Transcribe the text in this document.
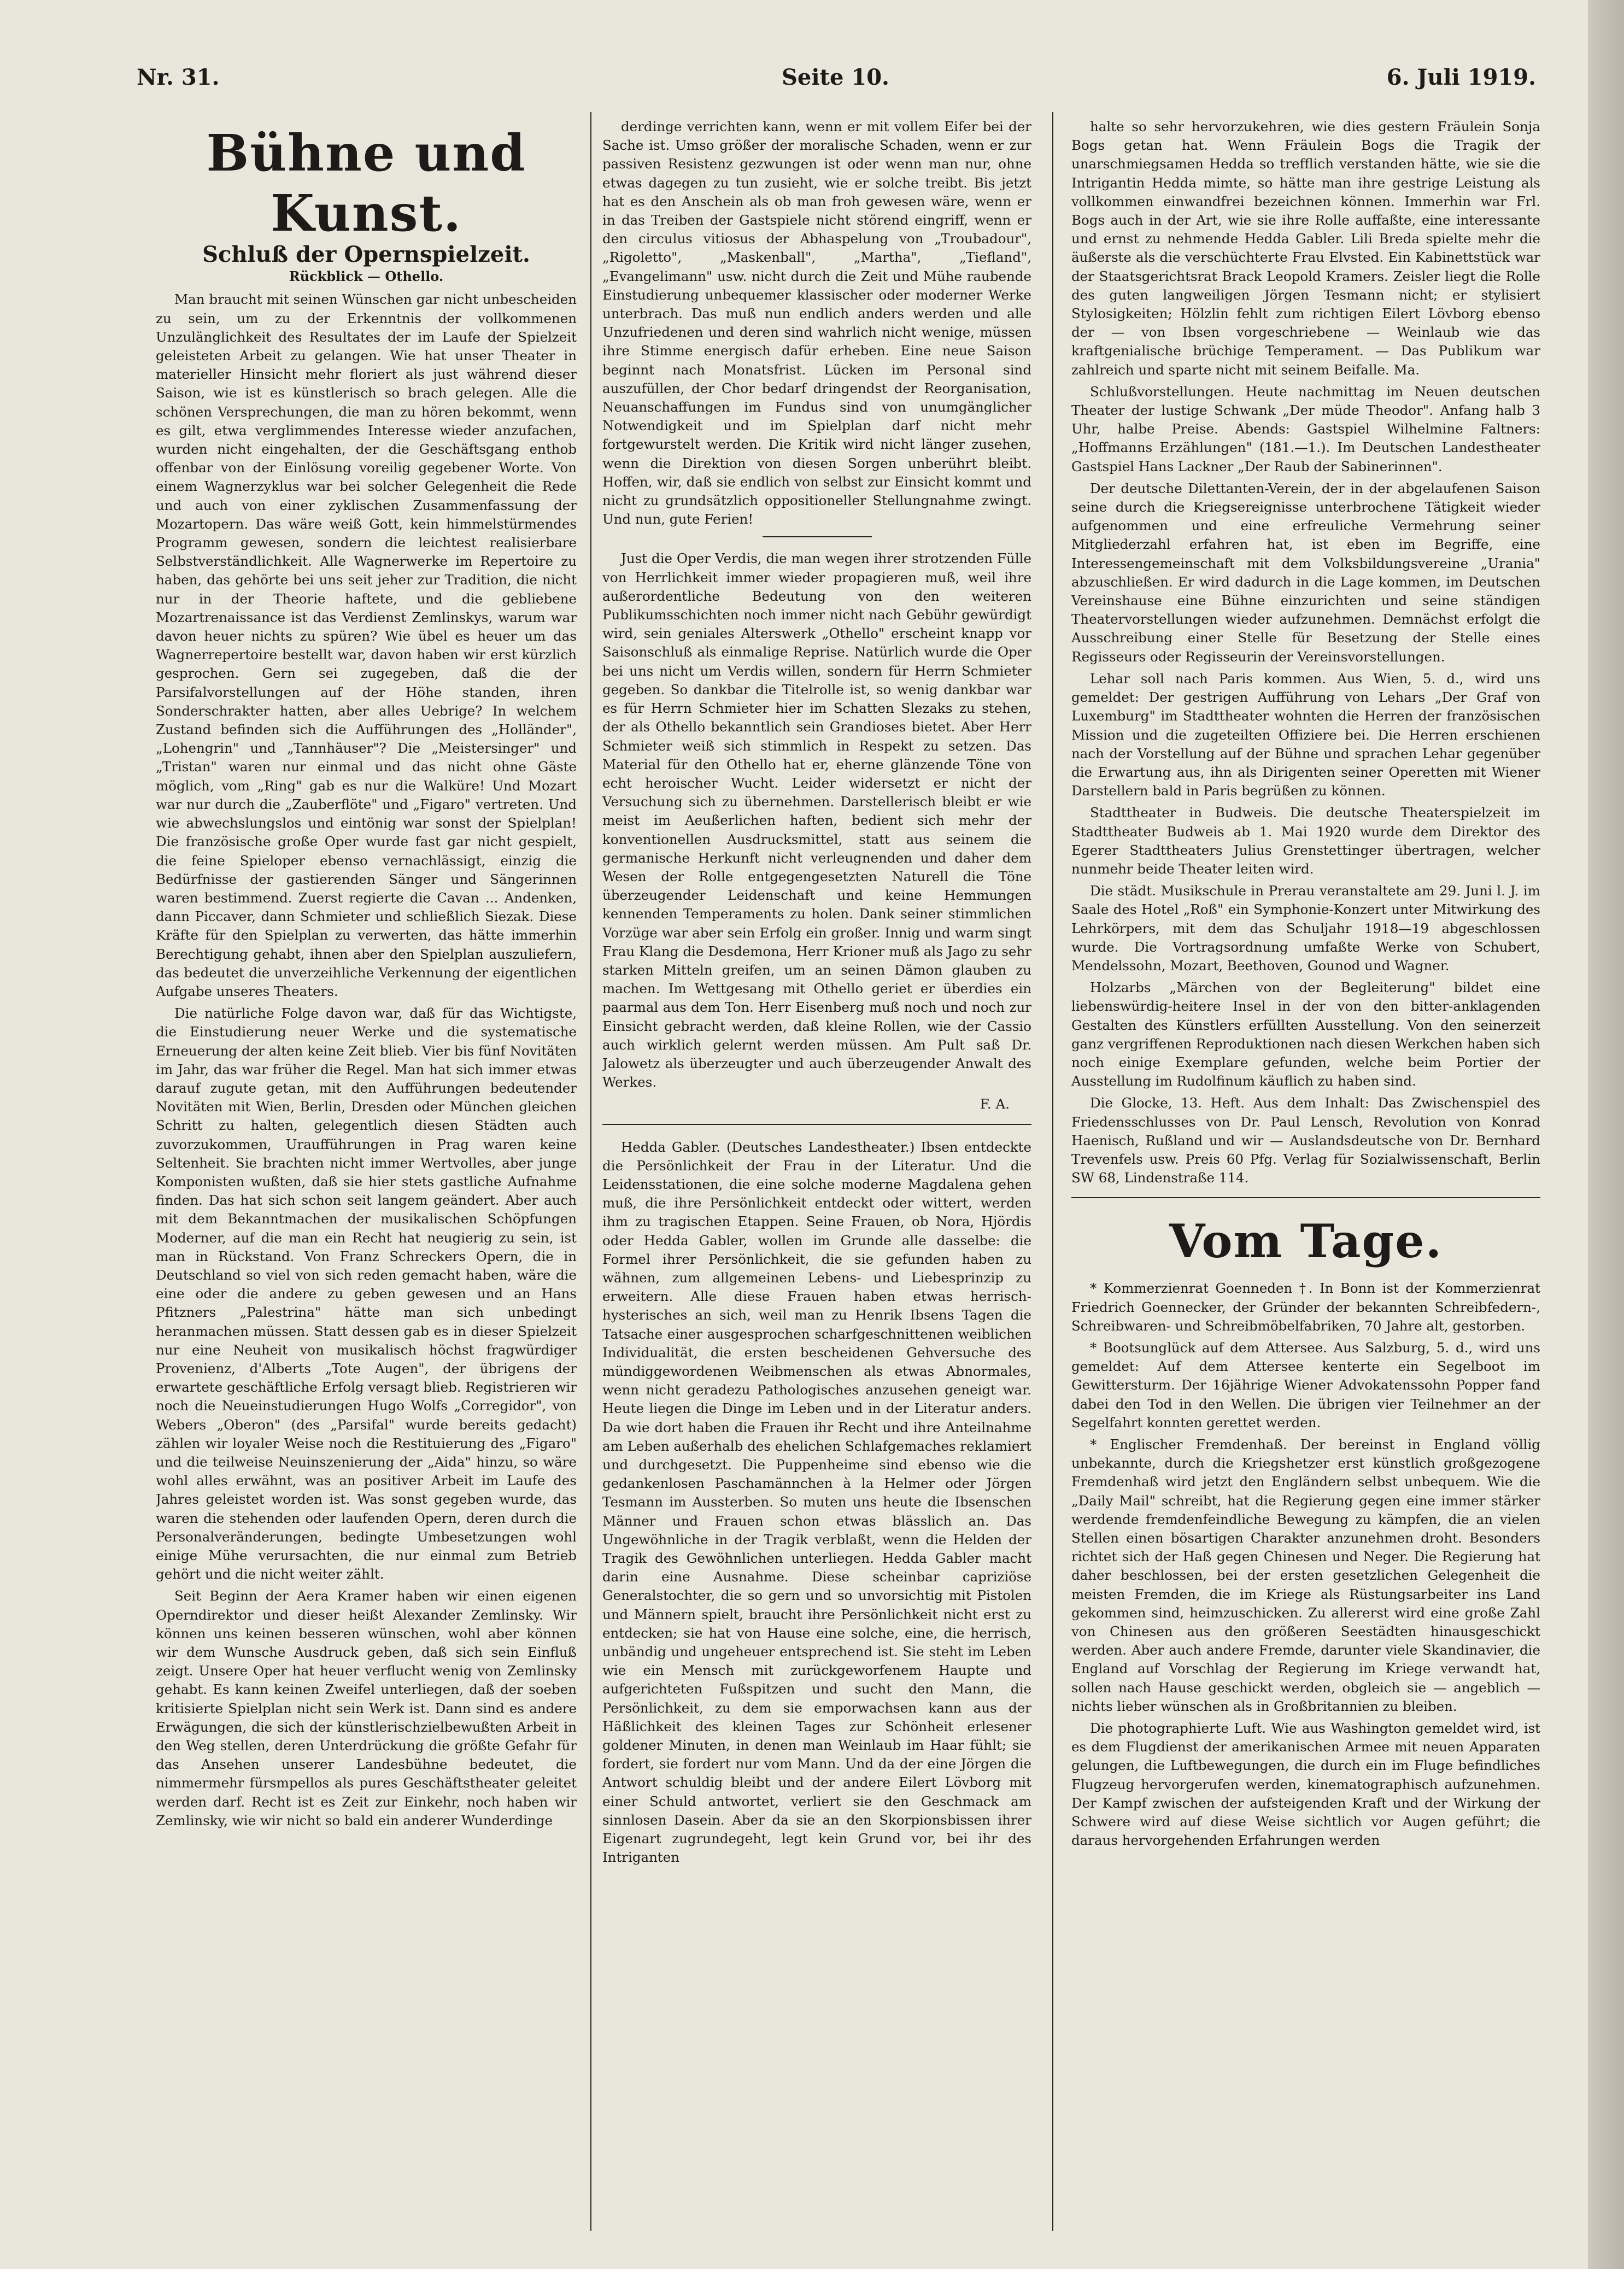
Nr. 31.	Seite 10.	6. Juli 1919.
Bühne und Kunst.
Schluß der Opernspielzeit.
Rückblick — Othello.

Man braucht mit seinen Wünschen gar nicht unbescheiden zu sein, um zu der Erkenntnis der vollkommenen Unzulänglichkeit des Resultates der im Laufe der Spielzeit geleisteten Arbeit zu gelangen. Wie hat unser Theater in materieller Hinsicht mehr floriert als just während dieser Saison, wie ist es künstlerisch so brach gelegen. Alle die schönen Versprechungen, die man zu hören bekommt, wenn es gilt, etwa verglimmendes Interesse wieder anzufachen, wurden nicht eingehalten, der die Geschäftsgang enthob offenbar von der Einlösung voreilig gegebener Worte. Von einem Wagnerzyklus war bei solcher Gelegenheit die Rede und auch von einer zyklischen Zusammenfassung der Mozartopern. Das wäre weiß Gott, kein himmelstürmendes Programm gewesen, sondern die leichtest realisierbare Selbstverständlichkeit. Alle Wagnerwerke im Repertoire zu haben, das gehörte bei uns seit jeher zur Tradition, die nicht nur in der Theorie haftete, und die gebliebene Mozartrenaissance ist das Verdienst Zemlinskys, warum war davon heuer nichts zu spüren? Wie übel es heuer um das Wagnerrepertoire bestellt war, davon haben wir erst kürzlich gesprochen. Gern sei zugegeben, daß die der Parsifalvorstellungen auf der Höhe standen, ihren Sonderschrakter hatten, aber alles Uebrige? In welchem Zustand befinden sich die Aufführungen des „Holländer", „Lohengrin" und „Tannhäuser"? Die „Meistersinger" und „Tristan" waren nur einmal und das nicht ohne Gäste möglich, vom „Ring" gab es nur die Walküre! Und Mozart war nur durch die „Zauberflöte" und „Figaro" vertreten. Und wie abwechslungslos und eintönig war sonst der Spielplan! Die französische große Oper wurde fast gar nicht gespielt, die feine Spieloper ebenso vernachlässigt, einzig die Bedürfnisse der gastierenden Sänger und Sängerinnen waren bestimmend. Zuerst regierte die Cavan ... Andenken, dann Piccaver, dann Schmieter und schließlich Siezak. Diese Kräfte für den Spielplan zu verwerten, das hätte immerhin Berechtigung gehabt, ihnen aber den Spielplan auszuliefern, das bedeutet die unverzeihliche Verkennung der eigentlichen Aufgabe unseres Theaters.

Die natürliche Folge davon war, daß für das Wichtigste, die Einstudierung neuer Werke und die systematische Erneuerung der alten keine Zeit blieb. Vier bis fünf Novitäten im Jahr, das war früher die Regel. Man hat sich immer etwas darauf zugute getan, mit den Aufführungen bedeutender Novitäten mit Wien, Berlin, Dresden oder München gleichen Schritt zu halten, gelegentlich diesen Städten auch zuvorzukommen, Uraufführungen in Prag waren keine Seltenheit. Sie brachten nicht immer Wertvolles, aber junge Komponisten wußten, daß sie hier stets gastliche Aufnahme finden. Das hat sich schon seit langem geändert. Aber auch mit dem Bekanntmachen der musikalischen Schöpfungen Moderner, auf die man ein Recht hat neugierig zu sein, ist man in Rückstand. Von Franz Schreckers Opern, die in Deutschland so viel von sich reden gemacht haben, wäre die eine oder die andere zu geben gewesen und an Hans Pfitzners „Palestrina" hätte man sich unbedingt heranmachen müssen. Statt dessen gab es in dieser Spielzeit nur eine Neuheit von musikalisch höchst fragwürdiger Provenienz, d'Alberts „Tote Augen", der übrigens der erwartete geschäftliche Erfolg versagt blieb. Registrieren wir noch die Neueinstudierungen Hugo Wolfs „Corregidor", von Webers „Oberon" (des „Parsifal" wurde bereits gedacht) zählen wir loyaler Weise noch die Restituierung des „Figaro" und die teilweise Neuinszenierung der „Aida" hinzu, so wäre wohl alles erwähnt, was an positiver Arbeit im Laufe des Jahres geleistet worden ist. Was sonst gegeben wurde, das waren die stehenden oder laufenden Opern, deren durch die Personalveränderungen, bedingte Umbesetzungen wohl einige Mühe verursachten, die nur einmal zum Betrieb gehört und die nicht weiter zählt.

Seit Beginn der Aera Kramer haben wir einen eigenen Operndirektor und dieser heißt Alexander Zemlinsky. Wir können uns keinen besseren wünschen, wohl aber können wir dem Wunsche Ausdruck geben, daß sich sein Einfluß zeigt. Unsere Oper hat heuer verflucht wenig von Zemlinsky gehabt. Es kann keinen Zweifel unterliegen, daß der soeben kritisierte Spielplan nicht sein Werk ist. Dann sind es andere Erwägungen, die sich der künstlerischzielbewußten Arbeit in den Weg stellen, deren Unterdrückung die größte Gefahr für das Ansehen unserer Landesbühne bedeutet, die nimmermehr fürsmpellos als pures Geschäftstheater geleitet werden darf. Recht ist es Zeit zur Einkehr, noch haben wir Zemlinsky, wie wir nicht so bald ein anderer Wunderdinge

derdinge verrichten kann, wenn er mit vollem Eifer bei der Sache ist. Umso größer der moralische Schaden, wenn er zur passiven Resistenz gezwungen ist oder wenn man nur, ohne etwas dagegen zu tun zusieht, wie er solche treibt. Bis jetzt hat es den Anschein als ob man froh gewesen wäre, wenn er in das Treiben der Gastspiele nicht störend eingriff, wenn er den circulus vitiosus der Abhaspelung von „Troubadour", „Rigoletto", „Maskenball", „Martha", „Tiefland", „Evangelimann" usw. nicht durch die Zeit und Mühe raubende Einstudierung unbequemer klassischer oder moderner Werke unterbrach. Das muß nun endlich anders werden und alle Unzufriedenen und deren sind wahrlich nicht wenige, müssen ihre Stimme energisch dafür erheben. Eine neue Saison beginnt nach Monatsfrist. Lücken im Personal sind auszufüllen, der Chor bedarf dringendst der Reorganisation, Neuanschaffungen im Fundus sind von unumgänglicher Notwendigkeit und im Spielplan darf nicht mehr fortgewurstelt werden. Die Kritik wird nicht länger zusehen, wenn die Direktion von diesen Sorgen unberührt bleibt. Hoffen, wir, daß sie endlich von selbst zur Einsicht kommt und nicht zu grundsätzlich oppositioneller Stellungnahme zwingt. Und nun, gute Ferien!

Just die Oper Verdis, die man wegen ihrer strotzenden Fülle von Herrlichkeit immer wieder propagieren muß, weil ihre außerordentliche Bedeutung von den weiteren Publikumsschichten noch immer nicht nach Gebühr gewürdigt wird, sein geniales Alterswerk „Othello" erscheint knapp vor Saisonschluß als einmalige Reprise. Natürlich wurde die Oper bei uns nicht um Verdis willen, sondern für Herrn Schmieter gegeben. So dankbar die Titelrolle ist, so wenig dankbar war es für Herrn Schmieter hier im Schatten Slezaks zu stehen, der als Othello bekanntlich sein Grandioses bietet. Aber Herr Schmieter weiß sich stimmlich in Respekt zu setzen. Das Material für den Othello hat er, eherne glänzende Töne von echt heroischer Wucht. Leider widersetzt er nicht der Versuchung sich zu übernehmen. Darstellerisch bleibt er wie meist im Aeußerlichen haften, bedient sich mehr der konventionellen Ausdrucksmittel, statt aus seinem die germanische Herkunft nicht verleugnenden und daher dem Wesen der Rolle entgegengesetzten Naturell die Töne überzeugender Leidenschaft und keine Hemmungen kennenden Temperaments zu holen. Dank seiner stimmlichen Vorzüge war aber sein Erfolg ein großer. Innig und warm singt Frau Klang die Desdemona, Herr Krioner muß als Jago zu sehr starken Mitteln greifen, um an seinen Dämon glauben zu machen. Im Wettgesang mit Othello geriet er überdies ein paarmal aus dem Ton. Herr Eisenberg muß noch und noch zur Einsicht gebracht werden, daß kleine Rollen, wie der Cassio auch wirklich gelernt werden müssen. Am Pult saß Dr. Jalowetz als überzeugter und auch überzeugender Anwalt des Werkes.

F. A.

Hedda Gabler. (Deutsches Landestheater.) Ibsen entdeckte die Persönlichkeit der Frau in der Literatur. Und die Leidensstationen, die eine solche moderne Magdalena gehen muß, die ihre Persönlichkeit entdeckt oder wittert, werden ihm zu tragischen Etappen. Seine Frauen, ob Nora, Hjördis oder Hedda Gabler, wollen im Grunde alle dasselbe: die Formel ihrer Persönlichkeit, die sie gefunden haben zu wähnen, zum allgemeinen Lebens- und Liebesprinzip zu erweitern. Alle diese Frauen haben etwas herrisch-hysterisches an sich, weil man zu Henrik Ibsens Tagen die Tatsache einer ausgesprochen scharfgeschnittenen weiblichen Individualität, die ersten bescheidenen Gehversuche des mündiggewordenen Weibmenschen als etwas Abnormales, wenn nicht geradezu Pathologisches anzusehen geneigt war. Heute liegen die Dinge im Leben und in der Literatur anders. Da wie dort haben die Frauen ihr Recht und ihre Anteilnahme am Leben außerhalb des ehelichen Schlafgemaches reklamiert und durchgesetzt. Die Puppenheime sind ebenso wie die gedankenlosen Paschamännchen à la Helmer oder Jörgen Tesmann im Aussterben. So muten uns heute die Ibsenschen Männer und Frauen schon etwas blässlich an. Das Ungewöhnliche in der Tragik verblaßt, wenn die Helden der Tragik des Gewöhnlichen unterliegen. Hedda Gabler macht darin eine Ausnahme. Diese scheinbar capriziöse Generalstochter, die so gern und so unvorsichtig mit Pistolen und Männern spielt, braucht ihre Persönlichkeit nicht erst zu entdecken; sie hat von Hause eine solche, eine, die herrisch, unbändig und ungeheuer entsprechend ist. Sie steht im Leben wie ein Mensch mit zurückgeworfenem Haupte und aufgerichteten Fußspitzen und sucht den Mann, die Persönlichkeit, zu dem sie emporwachsen kann aus der Häßlichkeit des kleinen Tages zur Schönheit erlesener goldener Minuten, in denen man Weinlaub im Haar fühlt; sie fordert, sie fordert nur vom Mann. Und da der eine Jörgen die Antwort schuldig bleibt und der andere Eilert Lövborg mit einer Schuld antwortet, verliert sie den Geschmack am sinnlosen Dasein. Aber da sie an den Skorpionsbissen ihrer Eigenart zugrundegeht, legt kein Grund vor, bei ihr des Intriganten

halte so sehr hervorzukehren, wie dies gestern Fräulein Sonja Bogs getan hat. Wenn Fräulein Bogs die Tragik der unarschmiegsamen Hedda so trefflich verstanden hätte, wie sie die Intrigantin Hedda mimte, so hätte man ihre gestrige Leistung als vollkommen einwandfrei bezeichnen können. Immerhin war Frl. Bogs auch in der Art, wie sie ihre Rolle auffaßte, eine interessante und ernst zu nehmende Hedda Gabler. Lili Breda spielte mehr die äußerste als die verschüchterte Frau Elvsted. Ein Kabinettstück war der Staatsgerichtsrat Brack Leopold Kramers. Zeisler liegt die Rolle des guten langweiligen Jörgen Tesmann nicht; er stylisiert Stylosigkeiten; Hölzlin fehlt zum richtigen Eilert Lövborg ebenso der — von Ibsen vorgeschriebene — Weinlaub wie das kraftgenialische brüchige Temperament. — Das Publikum war zahlreich und sparte nicht mit seinem Beifalle. Ma.

Schlußvorstellungen. Heute nachmittag im Neuen deutschen Theater der lustige Schwank „Der müde Theodor". Anfang halb 3 Uhr, halbe Preise. Abends: Gastspiel Wilhelmine Faltners: „Hoffmanns Erzählungen" (181.—1.). Im Deutschen Landestheater Gastspiel Hans Lackner „Der Raub der Sabinerinnen".

Der deutsche Dilettanten-Verein, der in der abgelaufenen Saison seine durch die Kriegsereignisse unterbrochene Tätigkeit wieder aufgenommen und eine erfreuliche Vermehrung seiner Mitgliederzahl erfahren hat, ist eben im Begriffe, eine Interessengemeinschaft mit dem Volksbildungsvereine „Urania" abzuschließen. Er wird dadurch in die Lage kommen, im Deutschen Vereinshause eine Bühne einzurichten und seine ständigen Theatervorstellungen wieder aufzunehmen. Demnächst erfolgt die Ausschreibung einer Stelle für Besetzung der Stelle eines Regisseurs oder Regisseurin der Vereinsvorstellungen.

Lehar soll nach Paris kommen. Aus Wien, 5. d., wird uns gemeldet: Der gestrigen Aufführung von Lehars „Der Graf von Luxemburg" im Stadttheater wohnten die Herren der französischen Mission und die zugeteilten Offiziere bei. Die Herren erschienen nach der Vorstellung auf der Bühne und sprachen Lehar gegenüber die Erwartung aus, ihn als Dirigenten seiner Operetten mit Wiener Darstellern bald in Paris begrüßen zu können.

Stadttheater in Budweis. Die deutsche Theaterspielzeit im Stadttheater Budweis ab 1. Mai 1920 wurde dem Direktor des Egerer Stadttheaters Julius Grenstettinger übertragen, welcher nunmehr beide Theater leiten wird.

Die städt. Musikschule in Prerau veranstaltete am 29. Juni l. J. im Saale des Hotel „Roß" ein Symphonie-Konzert unter Mitwirkung des Lehrkörpers, mit dem das Schuljahr 1918—19 abgeschlossen wurde. Die Vortragsordnung umfaßte Werke von Schubert, Mendelssohn, Mozart, Beethoven, Gounod und Wagner.

Holzarbs „Märchen von der Begleiterung" bildet eine liebenswürdig-heitere Insel in der von den bitter-anklagenden Gestalten des Künstlers erfüllten Ausstellung. Von den seinerzeit ganz vergriffenen Reproduktionen nach diesen Werkchen haben sich noch einige Exemplare gefunden, welche beim Portier der Ausstellung im Rudolfinum käuflich zu haben sind.

Die Glocke, 13. Heft. Aus dem Inhalt: Das Zwischenspiel des Friedensschlusses von Dr. Paul Lensch, Revolution von Konrad Haenisch, Rußland und wir — Auslandsdeutsche von Dr. Bernhard Trevenfels usw. Preis 60 Pfg. Verlag für Sozialwissenschaft, Berlin SW 68, Lindenstraße 114.

Vom Tage.

* Kommerzienrat Goenneden †. In Bonn ist der Kommerzienrat Friedrich Goennecker, der Gründer der bekannten Schreibfedern-, Schreibwaren- und Schreibmöbelfabriken, 70 Jahre alt, gestorben.

* Bootsunglück auf dem Attersee. Aus Salzburg, 5. d., wird uns gemeldet: Auf dem Attersee kenterte ein Segelboot im Gewittersturm. Der 16jährige Wiener Advokatenssohn Popper fand dabei den Tod in den Wellen. Die übrigen vier Teilnehmer an der Segelfahrt konnten gerettet werden.

* Englischer Fremdenhaß. Der bereinst in England völlig unbekannte, durch die Kriegshetzer erst künstlich großgezogene Fremdenhaß wird jetzt den Engländern selbst unbequem. Wie die „Daily Mail" schreibt, hat die Regierung gegen eine immer stärker werdende fremdenfeindliche Bewegung zu kämpfen, die an vielen Stellen einen bösartigen Charakter anzunehmen droht. Besonders richtet sich der Haß gegen Chinesen und Neger. Die Regierung hat daher beschlossen, bei der ersten gesetzlichen Gelegenheit die meisten Fremden, die im Kriege als Rüstungsarbeiter ins Land gekommen sind, heimzuschicken. Zu allererst wird eine große Zahl von Chinesen aus den größeren Seestädten hinausgeschickt werden. Aber auch andere Fremde, darunter viele Skandinavier, die England auf Vorschlag der Regierung im Kriege verwandt hat, sollen nach Hause geschickt werden, obgleich sie — angeblich — nichts lieber wünschen als in Großbritannien zu bleiben.

Die photographierte Luft. Wie aus Washington gemeldet wird, ist es dem Flugdienst der amerikanischen Armee mit neuen Apparaten gelungen, die Luftbewegungen, die durch ein im Fluge befindliches Flugzeug hervorgerufen werden, kinematographisch aufzunehmen. Der Kampf zwischen der aufsteigenden Kraft und der Wirkung der Schwere wird auf diese Weise sichtlich vor Augen geführt; die daraus hervorgehenden Erfahrungen werden
